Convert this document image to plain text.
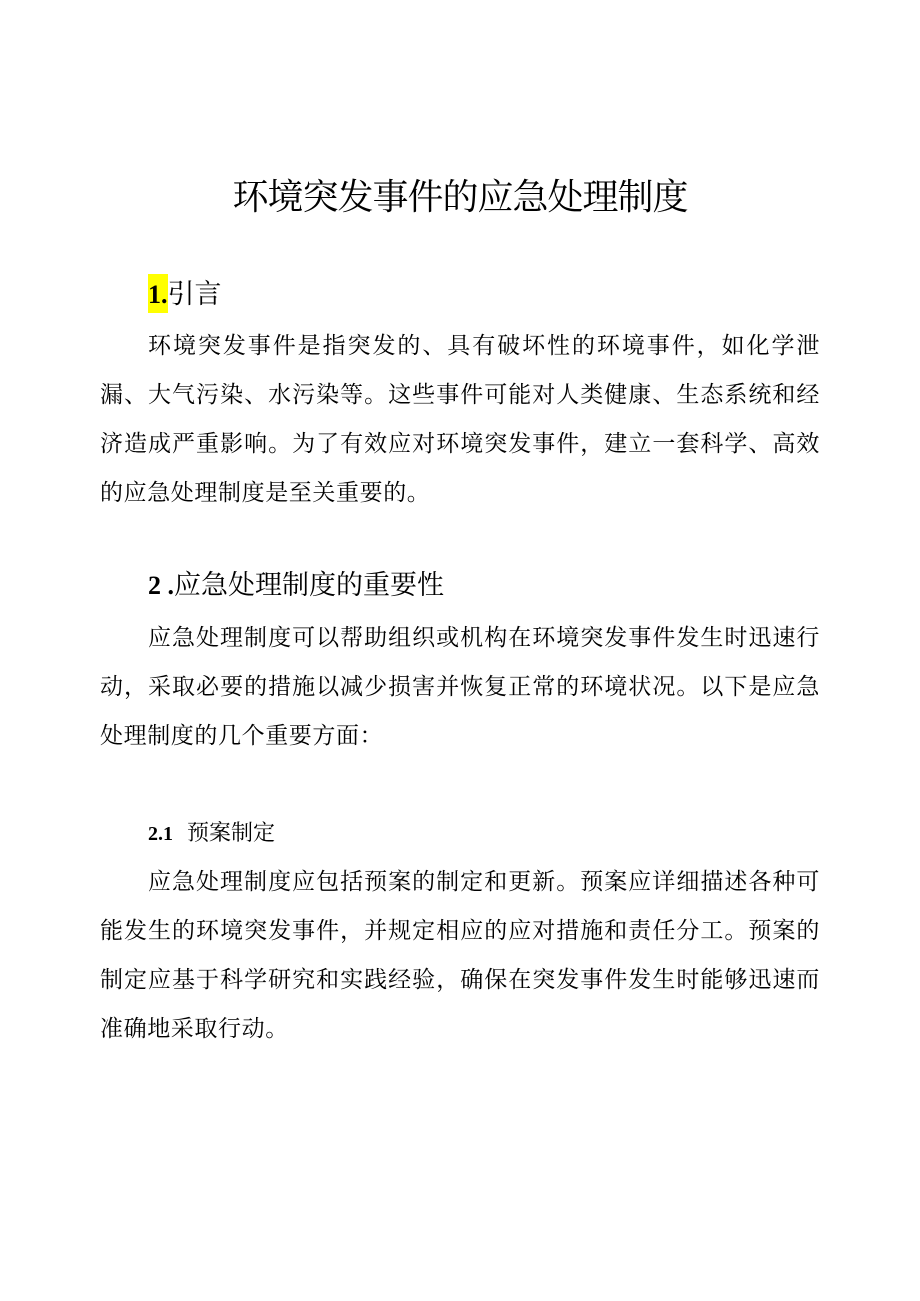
环境突发事件的应急处理制度
1.引言

环境突发事件是指突发的、具有破坏性的环境事件，如化学泄漏、大气污染、水污染等。这些事件可能对人类健康、生态系统和经济造成严重影响。为了有效应对环境突发事件，建立一套科学、高效的应急处理制度是至关重要的。

2 .应急处理制度的重要性

应急处理制度可以帮助组织或机构在环境突发事件发生时迅速行动，采取必要的措施以减少损害并恢复正常的环境状况。以下是应急处理制度的几个重要方面：

2.1 预案制定

应急处理制度应包括预案的制定和更新。预案应详细描述各种可能发生的环境突发事件，并规定相应的应对措施和责任分工。预案的制定应基于科学研究和实践经验，确保在突发事件发生时能够迅速而准确地采取行动。
